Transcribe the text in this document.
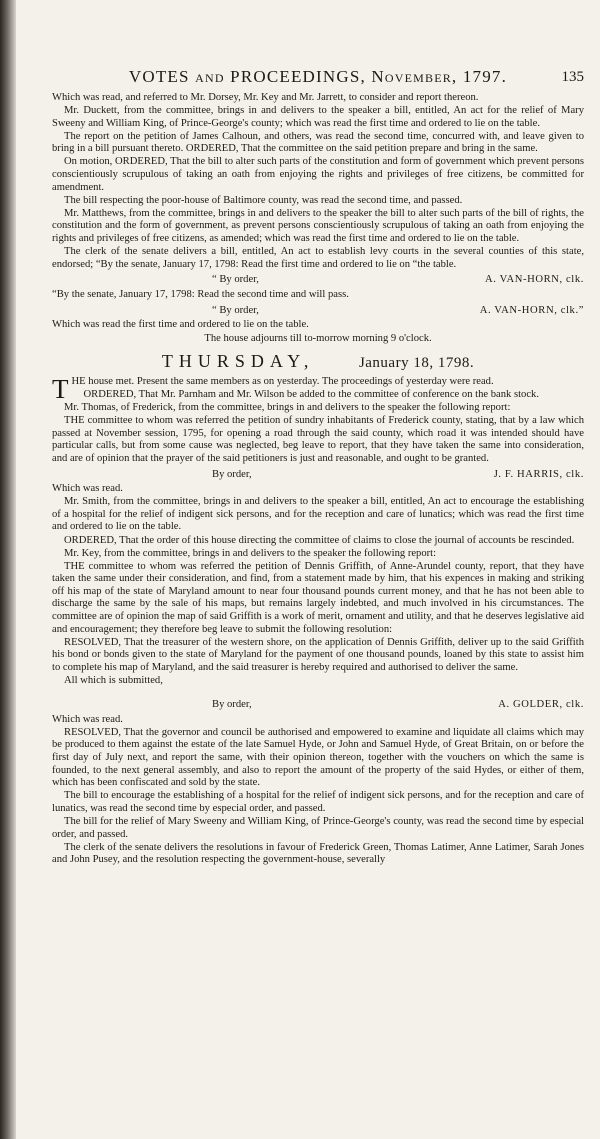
VOTES and PROCEEDINGS, November, 1797.	135

Which was read, and referred to Mr. Dorsey, Mr. Key and Mr. Jarrett, to consider and report thereon.

Mr. Duckett, from the committee, brings in and delivers to the speaker a bill, entitled, An act for the relief of Mary Sweeny and William King, of Prince-George's county; which was read the first time and ordered to lie on the table.

The report on the petition of James Calhoun, and others, was read the second time, concurred with, and leave given to bring in a bill pursuant thereto. ORDERED, That the committee on the said petition prepare and bring in the same.

On motion, ORDERED, That the bill to alter such parts of the constitution and form of government which prevent persons conscientiously scrupulous of taking an oath from enjoying the rights and privileges of free citizens, be committed for amendment.

The bill respecting the poor-house of Baltimore county, was read the second time, and passed.

Mr. Matthews, from the committee, brings in and delivers to the speaker the bill to alter such parts of the bill of rights, the constitution and the form of government, as prevent persons conscientiously scrupulous of taking an oath from enjoying the rights and privileges of free citizens, as amended; which was read the first time and ordered to lie on the table.

The clerk of the senate delivers a bill, entitled, An act to establish levy courts in the several counties of this state, endorsed; “By the senate, January 17, 1798: Read the first time and ordered to lie on “the table.

“ By order,	A. VAN-HORN, clk.

“By the senate, January 17, 1798: Read the second time and will pass.

“ By order,	A. VAN-HORN, clk.”

Which was read the first time and ordered to lie on the table.

The house adjourns till to-morrow morning 9 o'clock.

THURSDAY,	January 18, 1798.

THE house met. Present the same members as on yesterday. The proceedings of yesterday were read.

ORDERED, That Mr. Parnham and Mr. Wilson be added to the committee of conference on the bank stock.

Mr. Thomas, of Frederick, from the committee, brings in and delivers to the speaker the following report:

THE committee to whom was referred the petition of sundry inhabitants of Frederick county, stating, that by a law which passed at November session, 1795, for opening a road through the said county, which road it was intended should have particular calls, but from some cause was neglected, beg leave to report, that they have taken the same into consideration, and are of opinion that the prayer of the said petitioners is just and reasonable, and ought to be granted.

By order,	J. F. HARRIS, clk.

Which was read.

Mr. Smith, from the committee, brings in and delivers to the speaker a bill, entitled, An act to encourage the establishing of a hospital for the relief of indigent sick persons, and for the reception and care of lunatics; which was read the first time and ordered to lie on the table.

ORDERED, That the order of this house directing the committee of claims to close the journal of accounts be rescinded.

Mr. Key, from the committee, brings in and delivers to the speaker the following report:

THE committee to whom was referred the petition of Dennis Griffith, of Anne-Arundel county, report, that they have taken the same under their consideration, and find, from a statement made by him, that his expences in making and striking off his map of the state of Maryland amount to near four thousand pounds current money, and that he has not been able to discharge the same by the sale of his maps, but remains largely indebted, and much involved in his circumstances. The committee are of opinion the map of said Griffith is a work of merit, ornament and utility, and that he deserves legislative aid and encouragement; they therefore beg leave to submit the following resolution:

RESOLVED, That the treasurer of the western shore, on the application of Dennis Griffith, deliver up to the said Griffith his bond or bonds given to the state of Maryland for the payment of one thousand pounds, loaned by this state to assist him to complete his map of Maryland, and the said treasurer is hereby required and authorised to deliver the same.

All which is submitted,

By order,	A. GOLDER, clk.

Which was read.

RESOLVED, That the governor and council be authorised and empowered to examine and liquidate all claims which may be produced to them against the estate of the late Samuel Hyde, or John and Samuel Hyde, of Great Britain, on or before the first day of July next, and report the same, with their opinion thereon, together with the vouchers on which the same is founded, to the next general assembly, and also to report the amount of the property of the said Hydes, or either of them, which has been confiscated and sold by the state.

The bill to encourage the establishing of a hospital for the relief of indigent sick persons, and for the reception and care of lunatics, was read the second time by especial order, and passed.

The bill for the relief of Mary Sweeny and William King, of Prince-George's county, was read the second time by especial order, and passed.

The clerk of the senate delivers the resolutions in favour of Frederick Green, Thomas Latimer, Anne Latimer, Sarah Jones and John Pusey, and the resolution respecting the government-house, severally
